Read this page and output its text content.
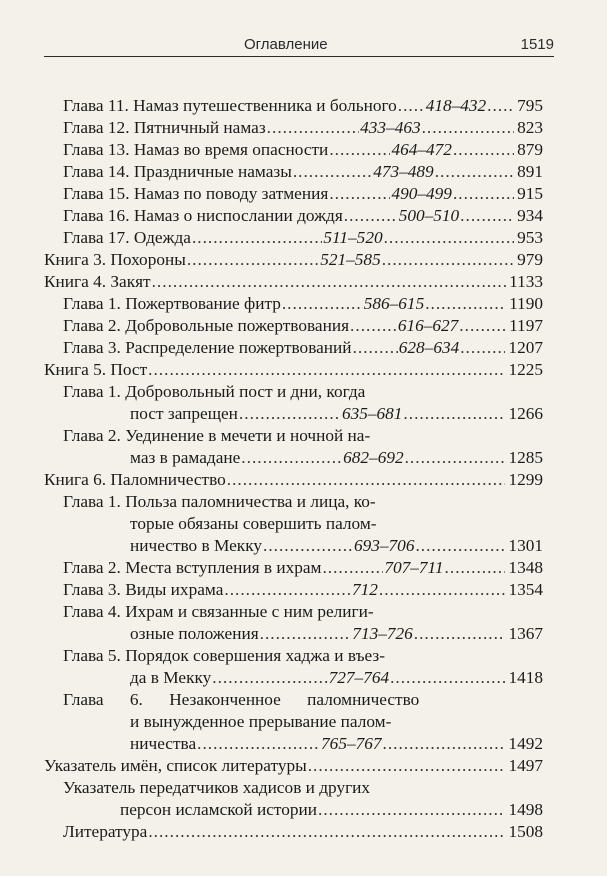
Оглавление	1519
Глава 11. Намаз путешественника и больного ..... 418–432 ..... 795
Глава 12. Пятничный намаз .....	433–463 .....	823
Глава 13. Намаз во время опасности .....	464–472 .....	879
Глава 14. Праздничные намазы .....	473–489 .....	891
Глава 15. Намаз по поводу затмения .....	490–499 .....	915
Глава 16. Намаз о ниспослании дождя .....	500–510 .....	934
Глава 17. Одежда .....	511–520 .....	953
Книга 3. Похороны .....	521–585 .....	979
Книга 4. Закят .....	1133
Глава 1. Пожертвование фитр .....	586–615 .....	1190
Глава 2. Добровольные пожертвования .....	616–627 .....	1197
Глава 3. Распределение пожертвований .....	628–634 .....	1207
Книга 5. Пост .....	1225
Глава 1. Добровольный пост и дни, когда
пост запрещен .....	635–681 .....	1266
Глава 2. Уединение в мечети и ночной на-
маз в рамадане .....	682–692 .....	1285
Книга 6. Паломничество .....	1299
Глава 1. Польза паломничества и лица, ко-
торые обязаны совершить палом-
ничество в Мекку .....	693–706 .....	1301
Глава 2. Места вступления в ихрам .....	707–711 .....	1348
Глава 3. Виды ихрама .....	712 .....	1354
Глава 4. Ихрам и связанные с ним религи-
озные положения .....	713–726 .....	1367
Глава 5. Порядок совершения хаджа и въез-
да в Мекку .....	727–764 .....	1418
Глава 6. Незаконченное паломничество
и вынужденное прерывание палом-
ничества .....	765–767 .....	1492
Указатель имён, список литературы .....	1497
Указатель передатчиков хадисов и других
персон исламской истории .....	1498
Литература .....	1508
